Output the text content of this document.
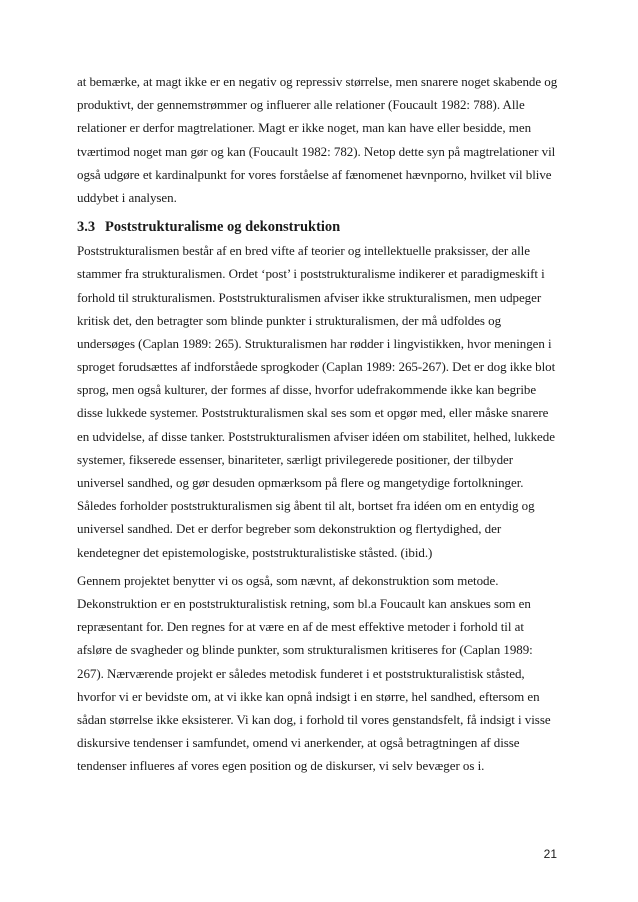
at bemærke, at magt ikke er en negativ og repressiv størrelse, men snarere noget skabende og
produktivt, der gennemstrømmer og influerer alle relationer (Foucault 1982: 788). Alle
relationer er derfor magtrelationer. Magt er ikke noget, man kan have eller besidde, men
tværtimod noget man gør og kan (Foucault 1982: 782). Netop dette syn på magtrelationer vil
også udgøre et kardinalpunkt for vores forståelse af fænomenet hævnporno, hvilket vil blive
uddybet i analysen.
3.3 Poststrukturalisme og dekonstruktion
Poststrukturalismen består af en bred vifte af teorier og intellektuelle praksisser, der alle
stammer fra strukturalismen. Ordet ‘post’ i poststrukturalisme indikerer et paradigmeskift i
forhold til strukturalismen. Poststrukturalismen afviser ikke strukturalismen, men udpeger
kritisk det, den betragter som blinde punkter i strukturalismen, der må udfoldes og
undersøges (Caplan 1989: 265). Strukturalismen har rødder i lingvistikken, hvor meningen i
sproget forudsættes af indforståede sprogkoder (Caplan 1989: 265-267). Det er dog ikke blot
sprog, men også kulturer, der formes af disse, hvorfor udefrakommende ikke kan begribe
disse lukkede systemer. Poststrukturalismen skal ses som et opgør med, eller måske snarere
en udvidelse, af disse tanker. Poststrukturalismen afviser idéen om stabilitet, helhed, lukkede
systemer, fikserede essenser, binariteter, særligt privilegerede positioner, der tilbyder
universel sandhed, og gør desuden opmærksom på flere og mangetydige fortolkninger.
Således forholder poststrukturalismen sig åbent til alt, bortset fra idéen om en entydig og
universel sandhed. Det er derfor begreber som dekonstruktion og flertydighed, der
kendetegner det epistemologiske, poststrukturalistiske ståsted. (ibid.)
Gennem projektet benytter vi os også, som nævnt, af dekonstruktion som metode.
Dekonstruktion er en poststrukturalistisk retning, som bl.a Foucault kan anskues som en
repræsentant for. Den regnes for at være en af de mest effektive metoder i forhold til at
afsløre de svagheder og blinde punkter, som strukturalismen kritiseres for (Caplan 1989:
267). Nærværende projekt er således metodisk funderet i et poststrukturalistisk ståsted,
hvorfor vi er bevidste om, at vi ikke kan opnå indsigt i en større, hel sandhed, eftersom en
sådan størrelse ikke eksisterer. Vi kan dog, i forhold til vores genstandsfelt, få indsigt i visse
diskursive tendenser i samfundet, omend vi anerkender, at også betragtningen af disse
tendenser influeres af vores egen position og de diskurser, vi selv bevæger os i.
21
